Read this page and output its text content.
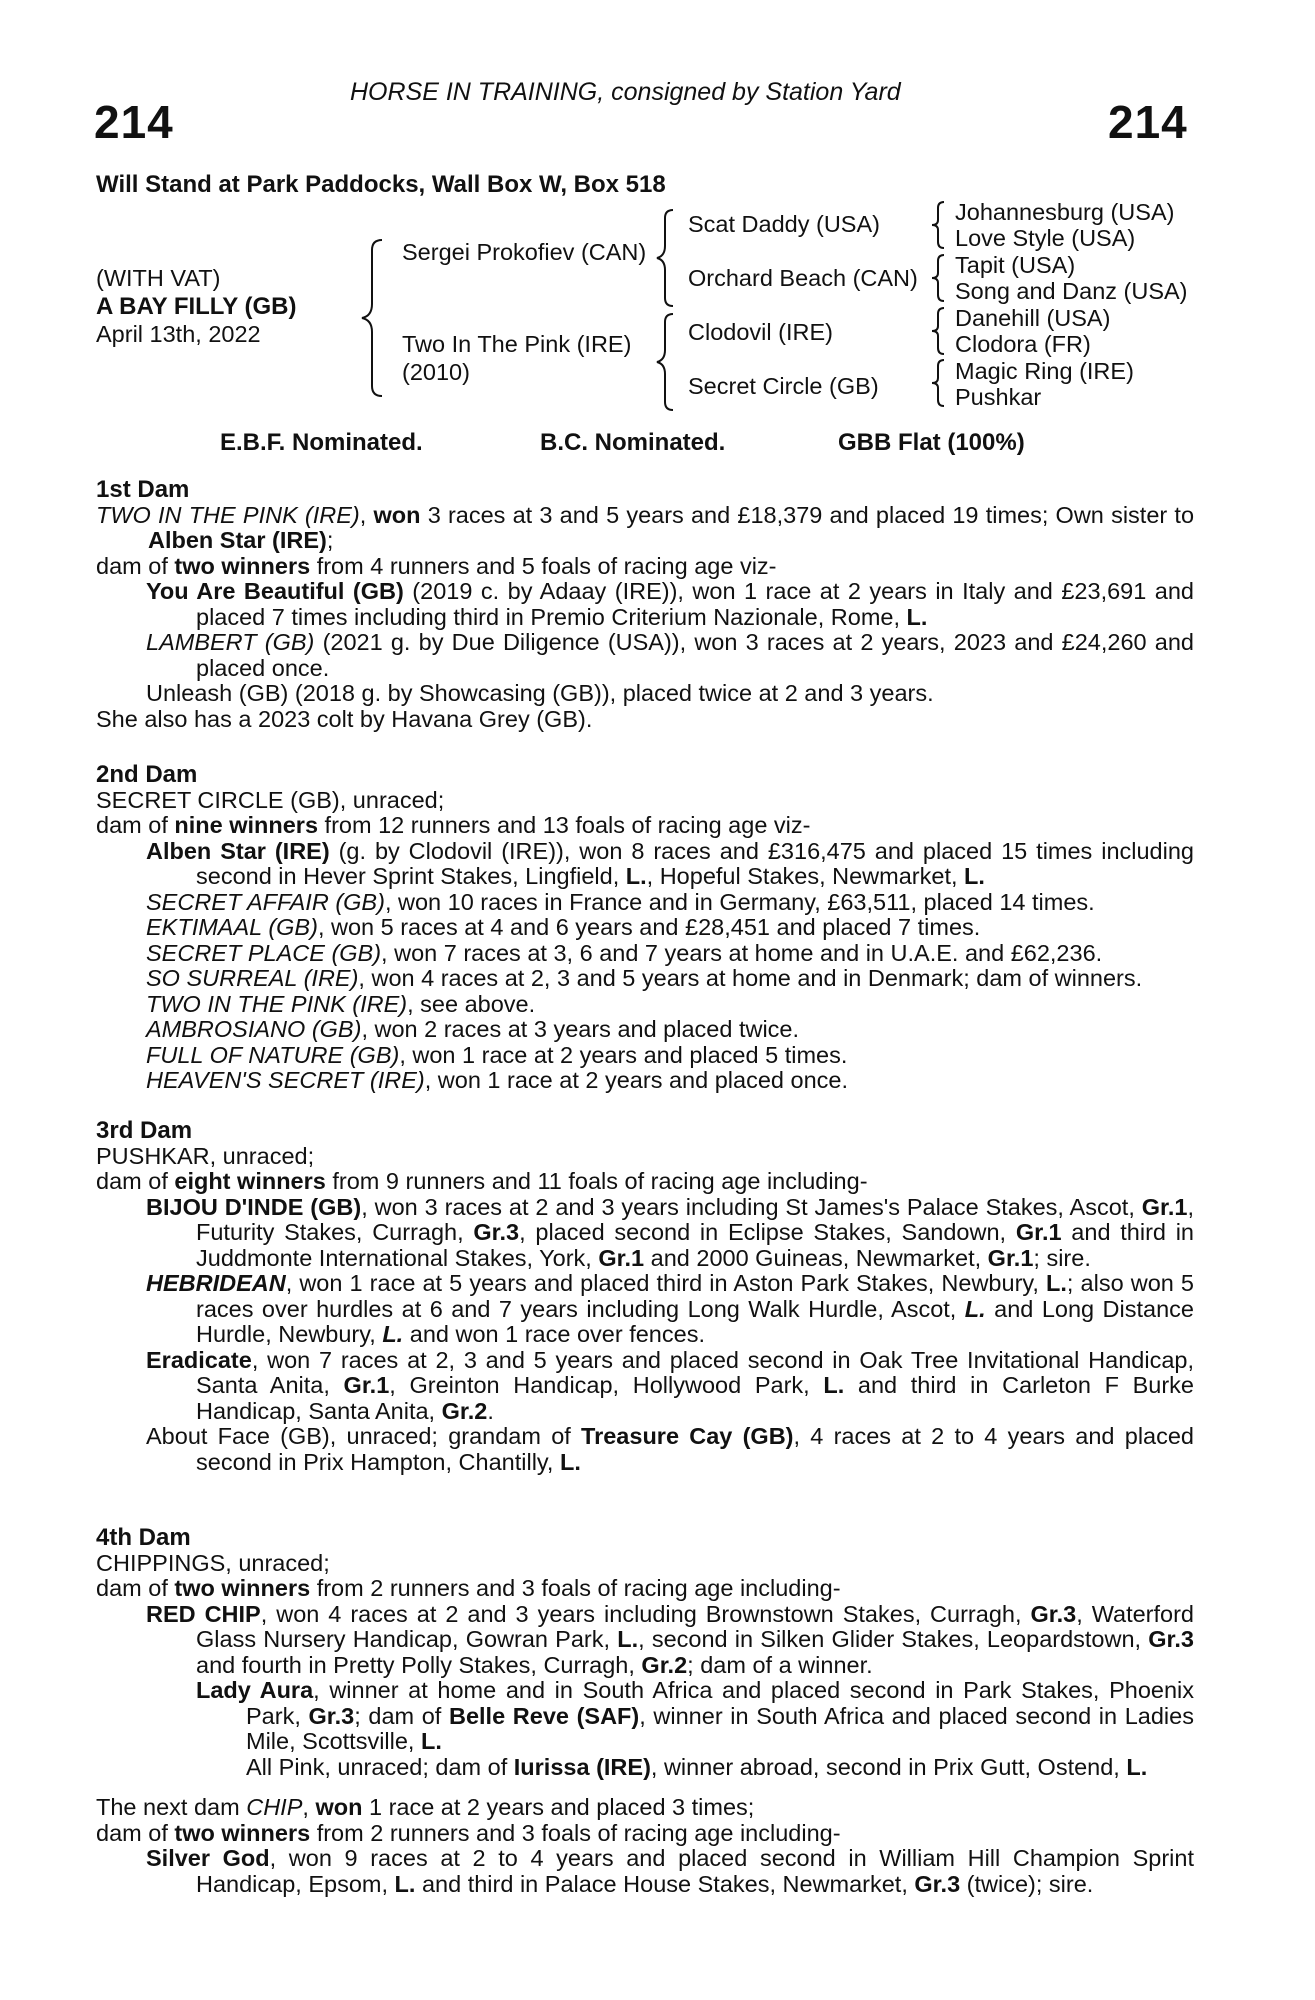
HORSE IN TRAINING, consigned by Station Yard
214	214
Will Stand at Park Paddocks, Wall Box W, Box 518
(WITH VAT)
A BAY FILLY (GB)
April 13th, 2022
Sergei Prokofiev (CAN)
Two In The Pink (IRE)
(2010)
Scat Daddy (USA)
Orchard Beach (CAN)
Clodovil (IRE)
Secret Circle (GB)
Johannesburg (USA)
Love Style (USA)
Tapit (USA)
Song and Danz (USA)
Danehill (USA)
Clodora (FR)
Magic Ring (IRE)
Pushkar
E.B.F. Nominated.	B.C. Nominated.	GBB Flat (100%)

1st Dam

TWO IN THE PINK (IRE), won 3 races at 3 and 5 years and £18,379 and placed 19 times; Own sister to Alben Star (IRE);

dam of two winners from 4 runners and 5 foals of racing age viz-

You Are Beautiful (GB) (2019 c. by Adaay (IRE)), won 1 race at 2 years in Italy and £23,691 and placed 7 times including third in Premio Criterium Nazionale, Rome, L.

LAMBERT (GB) (2021 g. by Due Diligence (USA)), won 3 races at 2 years, 2023 and £24,260 and placed once.

Unleash (GB) (2018 g. by Showcasing (GB)), placed twice at 2 and 3 years.

She also has a 2023 colt by Havana Grey (GB).

2nd Dam

SECRET CIRCLE (GB), unraced;

dam of nine winners from 12 runners and 13 foals of racing age viz-

Alben Star (IRE) (g. by Clodovil (IRE)), won 8 races and £316,475 and placed 15 times including second in Hever Sprint Stakes, Lingfield, L., Hopeful Stakes, Newmarket, L.

SECRET AFFAIR (GB), won 10 races in France and in Germany, £63,511, placed 14 times.

EKTIMAAL (GB), won 5 races at 4 and 6 years and £28,451 and placed 7 times.

SECRET PLACE (GB), won 7 races at 3, 6 and 7 years at home and in U.A.E. and £62,236.

SO SURREAL (IRE), won 4 races at 2, 3 and 5 years at home and in Denmark; dam of winners.

TWO IN THE PINK (IRE), see above.

AMBROSIANO (GB), won 2 races at 3 years and placed twice.

FULL OF NATURE (GB), won 1 race at 2 years and placed 5 times.

HEAVEN'S SECRET (IRE), won 1 race at 2 years and placed once.

3rd Dam

PUSHKAR, unraced;

dam of eight winners from 9 runners and 11 foals of racing age including-

BIJOU D'INDE (GB), won 3 races at 2 and 3 years including St James's Palace Stakes, Ascot, Gr.1, Futurity Stakes, Curragh, Gr.3, placed second in Eclipse Stakes, Sandown, Gr.1 and third in Juddmonte International Stakes, York, Gr.1 and 2000 Guineas, Newmarket, Gr.1; sire.

HEBRIDEAN, won 1 race at 5 years and placed third in Aston Park Stakes, Newbury, L.; also won 5 races over hurdles at 6 and 7 years including Long Walk Hurdle, Ascot, L. and Long Distance Hurdle, Newbury, L. and won 1 race over fences.

Eradicate, won 7 races at 2, 3 and 5 years and placed second in Oak Tree Invitational Handicap, Santa Anita, Gr.1, Greinton Handicap, Hollywood Park, L. and third in Carleton F Burke Handicap, Santa Anita, Gr.2.

About Face (GB), unraced; grandam of Treasure Cay (GB), 4 races at 2 to 4 years and placed second in Prix Hampton, Chantilly, L.

4th Dam

CHIPPINGS, unraced;

dam of two winners from 2 runners and 3 foals of racing age including-

RED CHIP, won 4 races at 2 and 3 years including Brownstown Stakes, Curragh, Gr.3, Waterford Glass Nursery Handicap, Gowran Park, L., second in Silken Glider Stakes, Leopardstown, Gr.3 and fourth in Pretty Polly Stakes, Curragh, Gr.2; dam of a winner.

Lady Aura, winner at home and in South Africa and placed second in Park Stakes, Phoenix Park, Gr.3; dam of Belle Reve (SAF), winner in South Africa and placed second in Ladies Mile, Scottsville, L.

All Pink, unraced; dam of Iurissa (IRE), winner abroad, second in Prix Gutt, Ostend, L.

The next dam CHIP, won 1 race at 2 years and placed 3 times;

dam of two winners from 2 runners and 3 foals of racing age including-

Silver God, won 9 races at 2 to 4 years and placed second in William Hill Champion Sprint Handicap, Epsom, L. and third in Palace House Stakes, Newmarket, Gr.3 (twice); sire.
